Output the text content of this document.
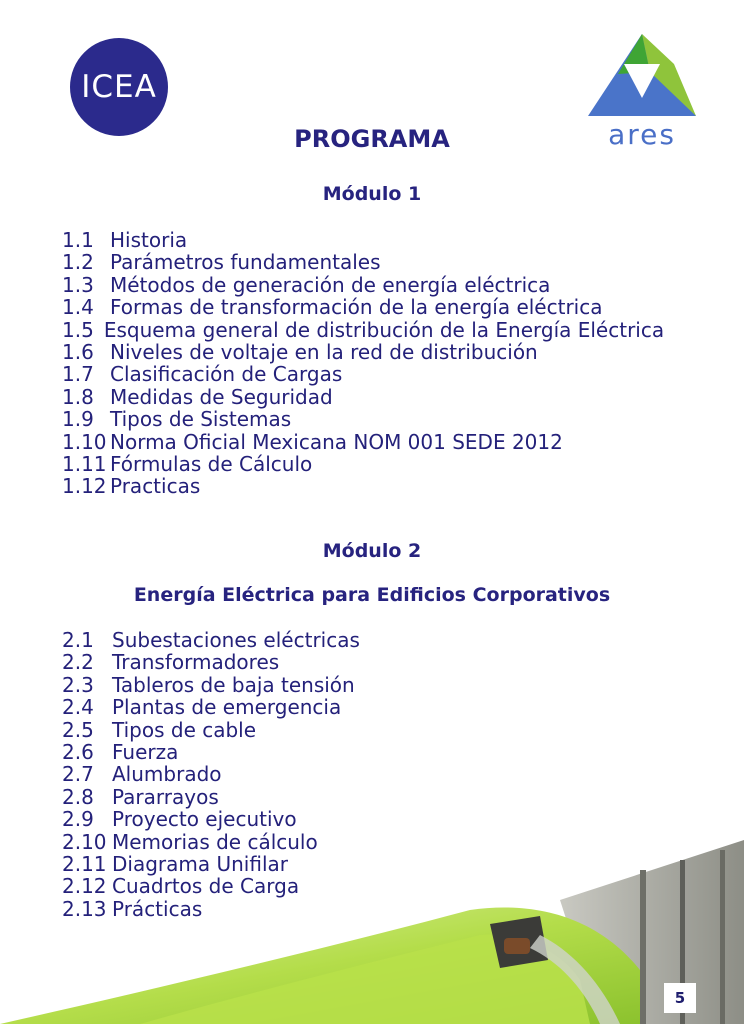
ICEA
ares
PROGRAMA
Módulo 1
1.1 Historia
1.2 Parámetros fundamentales
1.3 Métodos de generación de energía eléctrica
1.4 Formas de transformación de la energía eléctrica
1.5 Esquema general de distribución de la Energía Eléctrica
1.6 Niveles de voltaje en la red de distribución
1.7 Clasificación de Cargas
1.8 Medidas de Seguridad
1.9 Tipos de Sistemas
1.10 Norma Oficial Mexicana NOM 001 SEDE 2012
1.11 Fórmulas de Cálculo
1.12 Practicas
Módulo 2
Energía Eléctrica para Edificios Corporativos
2.1 Subestaciones eléctricas
2.2 Transformadores
2.3 Tableros de baja tensión
2.4 Plantas de emergencia
2.5 Tipos de cable
2.6 Fuerza
2.7 Alumbrado
2.8 Pararrayos
2.9 Proyecto ejecutivo
2.10 Memorias de cálculo
2.11 Diagrama Unifilar
2.12 Cuadrtos de Carga
2.13 Prácticas
5
